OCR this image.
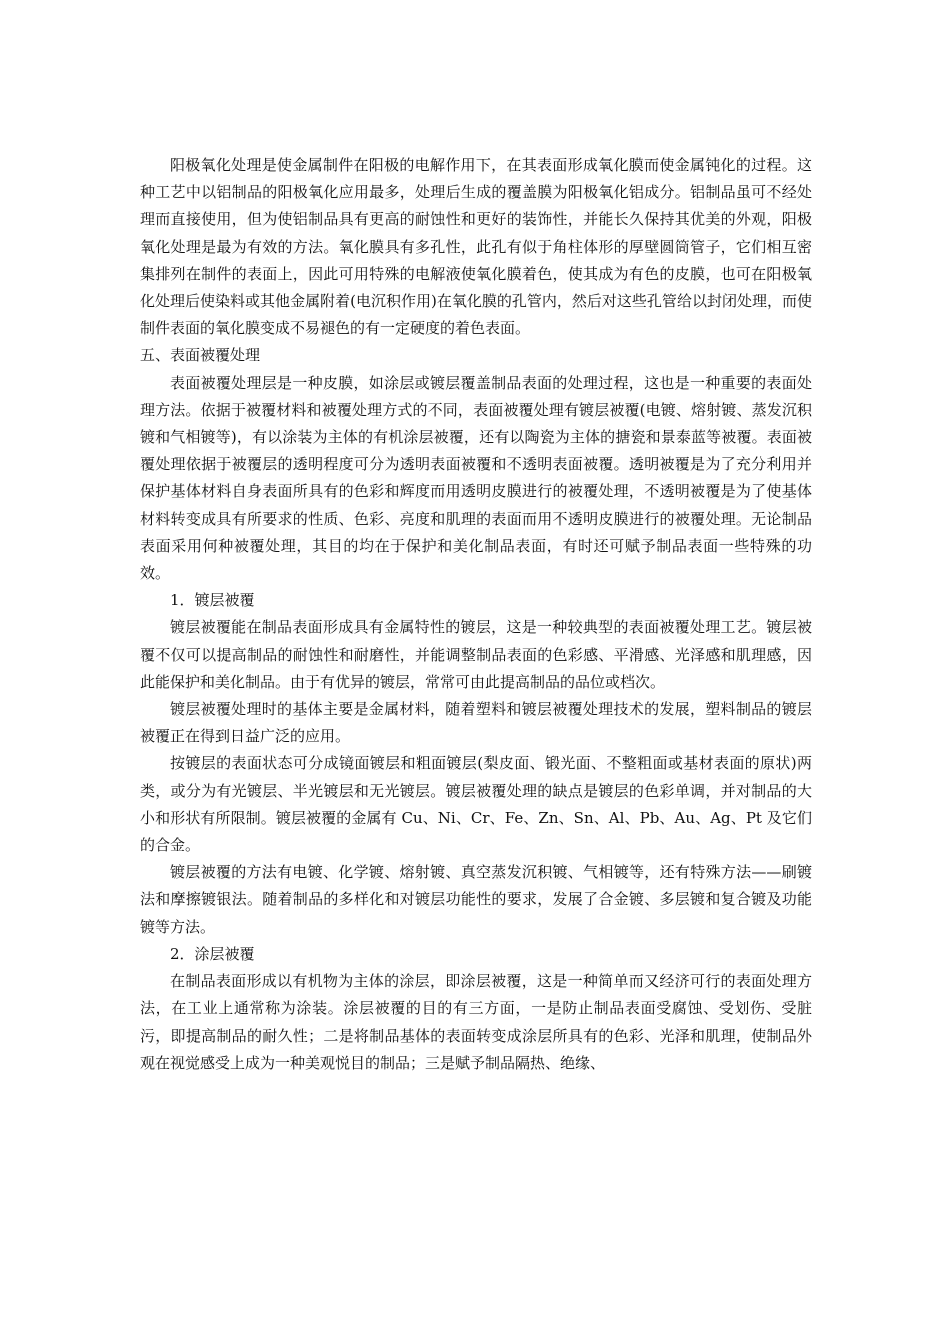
阳极氧化处理是使金属制件在阳极的电解作用下，在其表面形成氧化膜而使金属钝化的过程。这种工艺中以铝制品的阳极氧化应用最多，处理后生成的覆盖膜为阳极氧化铝成分。铝制品虽可不经处理而直接使用，但为使铝制品具有更高的耐蚀性和更好的装饰性，并能长久保持其优美的外观，阳极氧化处理是最为有效的方法。氧化膜具有多孔性，此孔有似于角柱体形的厚壁圆筒管子，它们相互密集排列在制件的表面上，因此可用特殊的电解液使氧化膜着色，使其成为有色的皮膜，也可在阳极氧化处理后使染料或其他金属附着(电沉积作用)在氧化膜的孔管内，然后对这些孔管给以封闭处理，而使制件表面的氧化膜变成不易褪色的有一定硬度的着色表面。

五、表面被覆处理

表面被覆处理层是一种皮膜，如涂层或镀层覆盖制品表面的处理过程，这也是一种重要的表面处理方法。依据于被覆材料和被覆处理方式的不同，表面被覆处理有镀层被覆(电镀、熔射镀、蒸发沉积镀和气相镀等)，有以涂装为主体的有机涂层被覆，还有以陶瓷为主体的搪瓷和景泰蓝等被覆。表面被覆处理依据于被覆层的透明程度可分为透明表面被覆和不透明表面被覆。透明被覆是为了充分利用并保护基体材料自身表面所具有的色彩和辉度而用透明皮膜进行的被覆处理，不透明被覆是为了使基体材料转变成具有所要求的性质、色彩、亮度和肌理的表面而用不透明皮膜进行的被覆处理。无论制品表面采用何种被覆处理，其目的均在于保护和美化制品表面，有时还可赋予制品表面一些特殊的功效。

1．镀层被覆

镀层被覆能在制品表面形成具有金属特性的镀层，这是一种较典型的表面被覆处理工艺。镀层被覆不仅可以提高制品的耐蚀性和耐磨性，并能调整制品表面的色彩感、平滑感、光泽感和肌理感，因此能保护和美化制品。由于有优异的镀层，常常可由此提高制品的品位或档次。

镀层被覆处理时的基体主要是金属材料，随着塑料和镀层被覆处理技术的发展，塑料制品的镀层被覆正在得到日益广泛的应用。

按镀层的表面状态可分成镜面镀层和粗面镀层(梨皮面、锻光面、不整粗面或基材表面的原状)两类，或分为有光镀层、半光镀层和无光镀层。镀层被覆处理的缺点是镀层的色彩单调，并对制品的大小和形状有所限制。镀层被覆的金属有 Cu、Ni、Cr、Fe、Zn、Sn、Al、Pb、Au、Ag、Pt 及它们的合金。

镀层被覆的方法有电镀、化学镀、熔射镀、真空蒸发沉积镀、气相镀等，还有特殊方法——刷镀法和摩擦镀银法。随着制品的多样化和对镀层功能性的要求，发展了合金镀、多层镀和复合镀及功能镀等方法。

2．涂层被覆

在制品表面形成以有机物为主体的涂层，即涂层被覆，这是一种简单而又经济可行的表面处理方法，在工业上通常称为涂装。涂层被覆的目的有三方面，一是防止制品表面受腐蚀、受划伤、受脏污，即提高制品的耐久性；二是将制品基体的表面转变成涂层所具有的色彩、光泽和肌理，使制品外观在视觉感受上成为一种美观悦目的制品；三是赋予制品隔热、绝缘、
